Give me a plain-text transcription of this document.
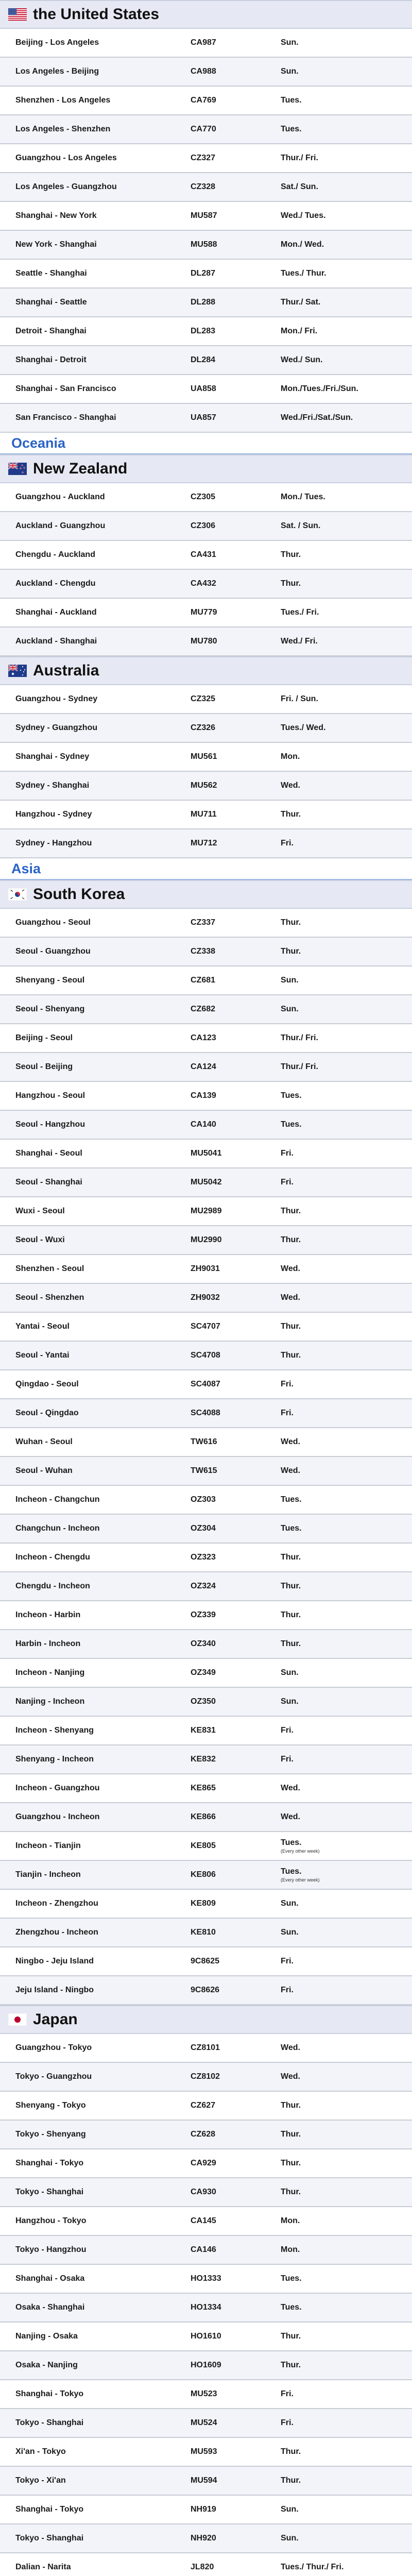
the United States
Beijing - Los Angeles	CA987	Sun.
Los Angeles - Beijing	CA988	Sun.
Shenzhen - Los Angeles	CA769	Tues.
Los Angeles - Shenzhen	CA770	Tues.
Guangzhou - Los Angeles	CZ327	Thur./ Fri.
Los Angeles - Guangzhou	CZ328	Sat./ Sun.
Shanghai - New York	MU587	Wed./ Tues.
New York - Shanghai	MU588	Mon./ Wed.
Seattle - Shanghai	DL287	Tues./ Thur.
Shanghai - Seattle	DL288	Thur./ Sat.
Detroit - Shanghai	DL283	Mon./ Fri.
Shanghai - Detroit	DL284	Wed./ Sun.
Shanghai - San Francisco	UA858	Mon./Tues./Fri./Sun.
San Francisco - Shanghai	UA857	Wed./Fri./Sat./Sun.
Oceania
New Zealand
Guangzhou - Auckland	CZ305	Mon./ Tues.
Auckland - Guangzhou	CZ306	Sat. / Sun.
Chengdu - Auckland	CA431	Thur.
Auckland - Chengdu	CA432	Thur.
Shanghai - Auckland	MU779	Tues./ Fri.
Auckland - Shanghai	MU780	Wed./ Fri.
Australia
Guangzhou - Sydney	CZ325	Fri. / Sun.
Sydney - Guangzhou	CZ326	Tues./ Wed.
Shanghai - Sydney	MU561	Mon.
Sydney - Shanghai	MU562	Wed.
Hangzhou - Sydney	MU711	Thur.
Sydney - Hangzhou	MU712	Fri.
Asia
South Korea
Guangzhou - Seoul	CZ337	Thur.
Seoul - Guangzhou	CZ338	Thur.
Shenyang - Seoul	CZ681	Sun.
Seoul - Shenyang	CZ682	Sun.
Beijing - Seoul	CA123	Thur./ Fri.
Seoul - Beijing	CA124	Thur./ Fri.
Hangzhou - Seoul	CA139	Tues.
Seoul - Hangzhou	CA140	Tues.
Shanghai - Seoul	MU5041	Fri.
Seoul - Shanghai	MU5042	Fri.
Wuxi - Seoul	MU2989	Thur.
Seoul - Wuxi	MU2990	Thur.
Shenzhen - Seoul	ZH9031	Wed.
Seoul - Shenzhen	ZH9032	Wed.
Yantai - Seoul	SC4707	Thur.
Seoul - Yantai	SC4708	Thur.
Qingdao - Seoul	SC4087	Fri.
Seoul - Qingdao	SC4088	Fri.
Wuhan - Seoul	TW616	Wed.
Seoul - Wuhan	TW615	Wed.
Incheon - Changchun	OZ303	Tues.
Changchun - Incheon	OZ304	Tues.
Incheon - Chengdu	OZ323	Thur.
Chengdu - Incheon	OZ324	Thur.
Incheon - Harbin	OZ339	Thur.
Harbin - Incheon	OZ340	Thur.
Incheon - Nanjing	OZ349	Sun.
Nanjing - Incheon	OZ350	Sun.
Incheon - Shenyang	KE831	Fri.
Shenyang - Incheon	KE832	Fri.
Incheon - Guangzhou	KE865	Wed.
Guangzhou - Incheon	KE866	Wed.
Incheon - Tianjin	KE805	Tues.
(Every other week)
Tianjin - Incheon	KE806	Tues.
(Every other week)
Incheon - Zhengzhou	KE809	Sun.
Zhengzhou - Incheon	KE810	Sun.
Ningbo - Jeju Island	9C8625	Fri.
Jeju Island - Ningbo	9C8626	Fri.
Japan
Guangzhou - Tokyo	CZ8101	Wed.
Tokyo - Guangzhou	CZ8102	Wed.
Shenyang - Tokyo	CZ627	Thur.
Tokyo - Shenyang	CZ628	Thur.
Shanghai - Tokyo	CA929	Thur.
Tokyo - Shanghai	CA930	Thur.
Hangzhou - Tokyo	CA145	Mon.
Tokyo - Hangzhou	CA146	Mon.
Shanghai - Osaka	HO1333	Tues.
Osaka - Shanghai	HO1334	Tues.
Nanjing - Osaka	HO1610	Thur.
Osaka - Nanjing	HO1609	Thur.
Shanghai - Tokyo	MU523	Fri.
Tokyo - Shanghai	MU524	Fri.
Xi'an - Tokyo	MU593	Thur.
Tokyo - Xi'an	MU594	Thur.
Shanghai - Tokyo	NH919	Sun.
Tokyo - Shanghai	NH920	Sun.
Dalian - Narita	JL820	Tues./ Thur./ Fri.
